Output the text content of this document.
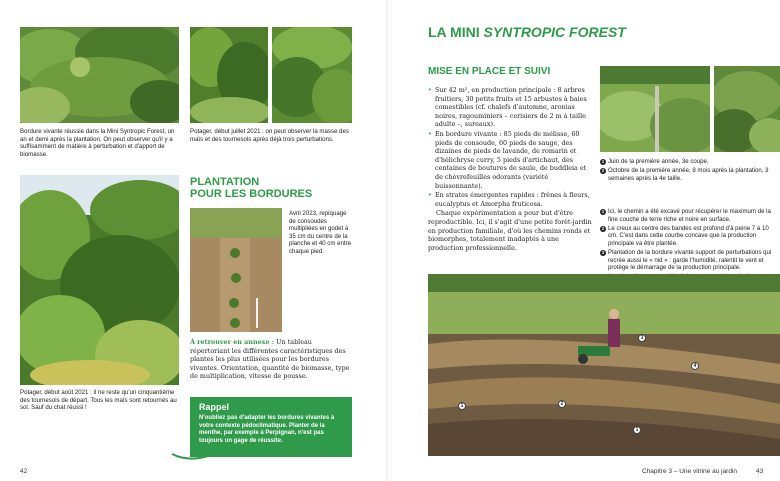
Bordure vivante réussie dans la Mini Syntropic Forest, un an et demi après la plantation. On peut observer qu'il y a suffisamment de matière à perturbation et d'apport de biomasse.
Potager, début juillet 2021 : on peut observer la masse des maïs et des tournesols après déjà trois perturbations.
Potager, début août 2021 : il ne reste qu'un cinquantième des tournesols de départ. Tous les maïs sont retournés au sol. Sauf du chat réussi !
PLANTATION
POUR LES BORDURES
Avril 2023, repiquage de consoudes multipliées en godet à 35 cm du centre de la planche et 40 cm entre chaque pied.
À retrouver en annexe : Un tableau répertoriant les différentes caractéristiques des plantes les plus utilisées pour les bordures vivantes. Orientation, quantité de biomasse, type de multiplication, vitesse de pousse.
Rappel
N'oubliez pas d'adapter les bordures vivantes à votre contexte pédoclimatique. Planter de la menthe, par exemple à Perpignan, n'est pas toujours un gage de réussite.
42
LA MINI SYNTROPIC FOREST
MISE EN PLACE ET SUIVI
• Sur 42 m², en production principale : 8 arbres fruitiers, 30 petits fruits et 15 arbustes à baies comestibles (cf. chalefs d'automne, aronias noires, ragouminiers – cerisiers de 2 m à taille adulte –, sureaux).
• En bordure vivante : 85 pieds de mélisse, 60 pieds de consoude, 60 pieds de sauge, des dizaines de pieds de lavande, de romarin et d'hélichryse curry, 5 pieds d'artichaut, des centaines de boutures de saule, de buddleia et de chèvrefeuilles odorants (variété buissonnante).
• En strates émergentes rapides : frênes à fleurs, eucalyptus et Amorpha fruticosa.

Chaque expérimentation a pour but d'être reproductible. Ici, il s'agit d'une petite forêt-jardin en production familiale, d'où les chemins ronds et biomorphes, totalement inadaptés à une production professionnelle.

1 Juin de la première année, 3e coupe.
2 Octobre de la première année, 8 mois après la plantation, 3 semaines après la 4e taille.
1 Ici, le chemin a été excavé pour récupérer le maximum de la fine couche de terre riche et noire en surface.
2 Le creux au centre des bandes est profond d'à peine 7 à 10 cm. C'est dans cette courbe concave que la production principale va être plantée.
3 Plantation de la bordure vivante support de perturbations qui recrée aussi le « nid » : garde l'humidité, ralentit le vent et protège le démarrage de la production principale.
3
4
1	2
1
Chapitre 3 – Une vitrine au jardin	43
